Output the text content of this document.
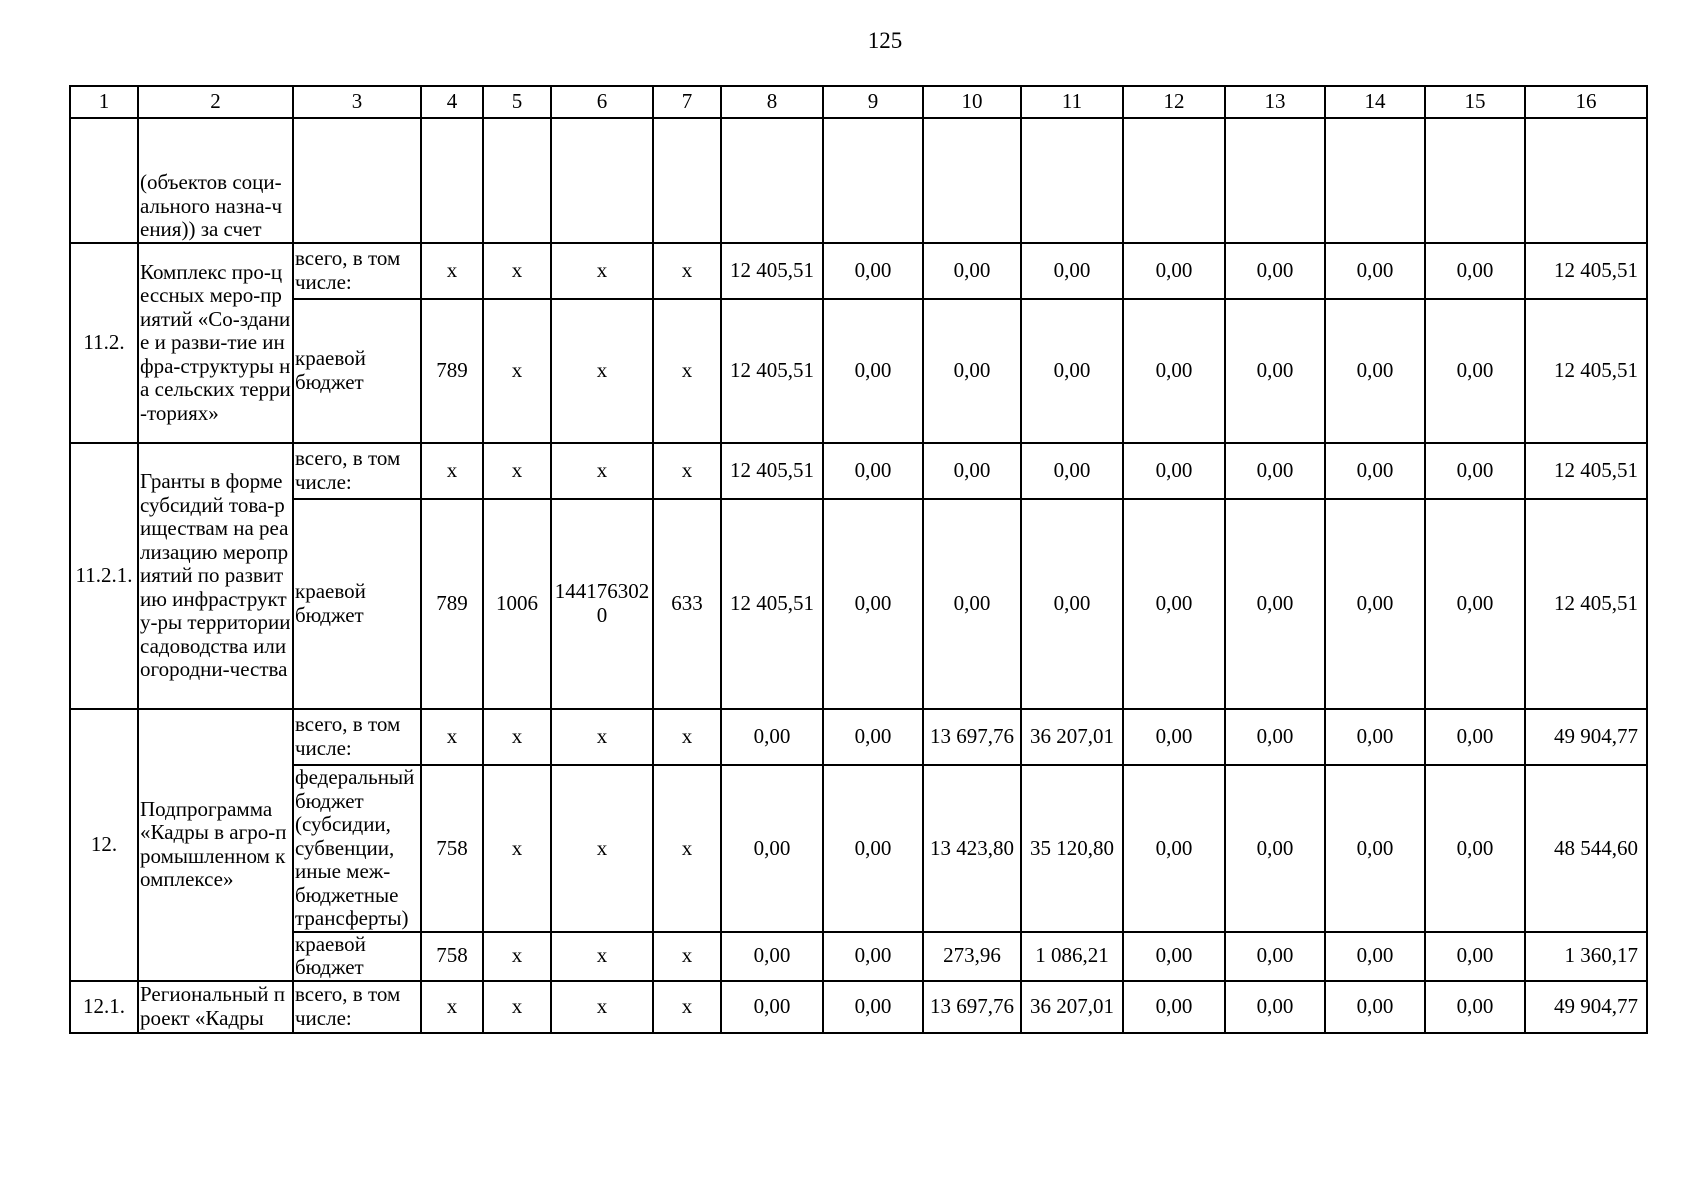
125
1	2	3	4	5	6	7	8	9	10	11	12	13	14	15	16
	(объектов соци-ального назна-чения)) за счет														
11.2.	Комплекс про-цессных меро-приятий «Со-здание и разви-тие инфра-структуры на сельских терри-ториях»	всего, в том числе:	х	х	х	х	12 405,51	0,00	0,00	0,00	0,00	0,00	0,00	0,00	12 405,51
		краевой бюджет	789	х	х	х	12 405,51	0,00	0,00	0,00	0,00	0,00	0,00	0,00	12 405,51
11.2.1.	Гранты в форме субсидий това-риществам на реализацию мероприятий по развитию инфраструкту-ры территории садоводства или огородни-чества	всего, в том числе:	х	х	х	х	12 405,51	0,00	0,00	0,00	0,00	0,00	0,00	0,00	12 405,51
		краевой бюджет	789	1006	1441763020	633	12 405,51	0,00	0,00	0,00	0,00	0,00	0,00	0,00	12 405,51
12.	Подпрограмма «Кадры в агро-промышленном комплексе»	всего, в том числе:	х	х	х	х	0,00	0,00	13 697,76	36 207,01	0,00	0,00	0,00	0,00	49 904,77
		федеральный бюджет (субсидии, субвенции, иные меж-бюджетные трансферты)	758	х	х	х	0,00	0,00	13 423,80	35 120,80	0,00	0,00	0,00	0,00	48 544,60
		краевой бюджет	758	х	х	х	0,00	0,00	273,96	1 086,21	0,00	0,00	0,00	0,00	1 360,17
12.1.	Региональный проект «Кадры	всего, в том числе:	х	х	х	х	0,00	0,00	13 697,76	36 207,01	0,00	0,00	0,00	0,00	49 904,77
